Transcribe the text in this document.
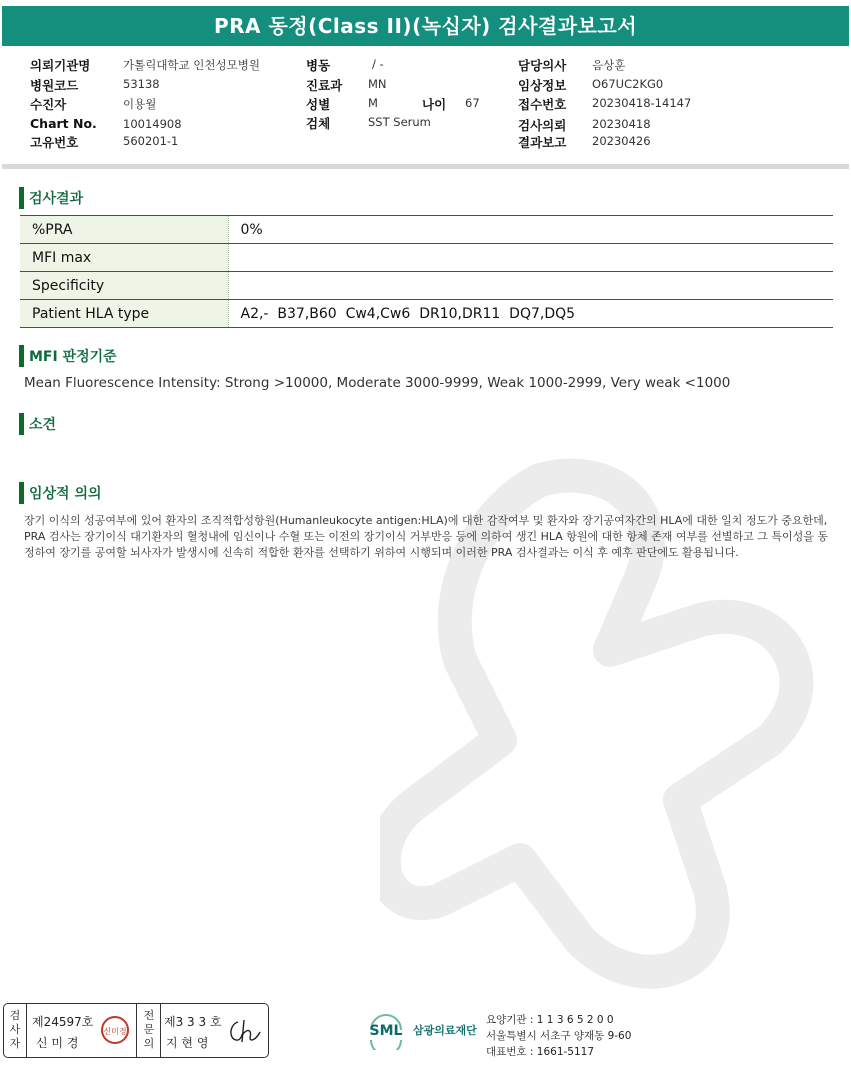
PRA 동정(Class II)(녹십자) 검사결과보고서
의뢰기관명	가톨릭대학교 인천성모병원
병원코드	53138
수진자	이용월
Chart No. 10014908
고유번호	560201-1
병동	/ -
진료과 MN
성별	M	나이 67
검체	SST Serum
담당의사 음상훈
임상정보 O67UC2KG0
접수번호 20230418-14147
검사의뢰 20230418
결과보고 20230426
검사결과
%PRA	0%
MFI max	
Specificity	
Patient HLA type	A2,-  B37,B60  Cw4,Cw6  DR10,DR11  DQ7,DQ5
MFI 판정기준
Mean Fluorescence Intensity: Strong >10000, Moderate 3000-9999, Weak 1000-2999, Very weak <1000
소견
임상적 의의
장기 이식의 성공여부에 있어 환자의 조직적합성항원(Humanleukocyte antigen:HLA)에 대한 감작여부 및 환자와 장기공여자간의 HLA에 대한 일치 정도가 중요한데, PRA 검사는 장기이식 대기환자의 혈청내에 임신이나 수혈 또는 이전의 장기이식 거부반응 등에 의하여 생긴 HLA 항원에 대한 항체 존재 여부를 선별하고 그 특이성을 동정하여 장기를 공여할 뇌사자가 발생시에 신속히 적합한 환자를 선택하기 위하여 시행되며 이러한 PRA 검사결과는 이식 후 예후 판단에도 활용됩니다.
검
사
자
제24597호
신 미 경
신미경
전
문
의
제3 3 3 호
지 현 영
SML 삼광의료재단
요양기관 : 1 1 3 6 5 2 0 0
서울특별시 서초구 양재동 9-60
대표번호 : 1661-5117
